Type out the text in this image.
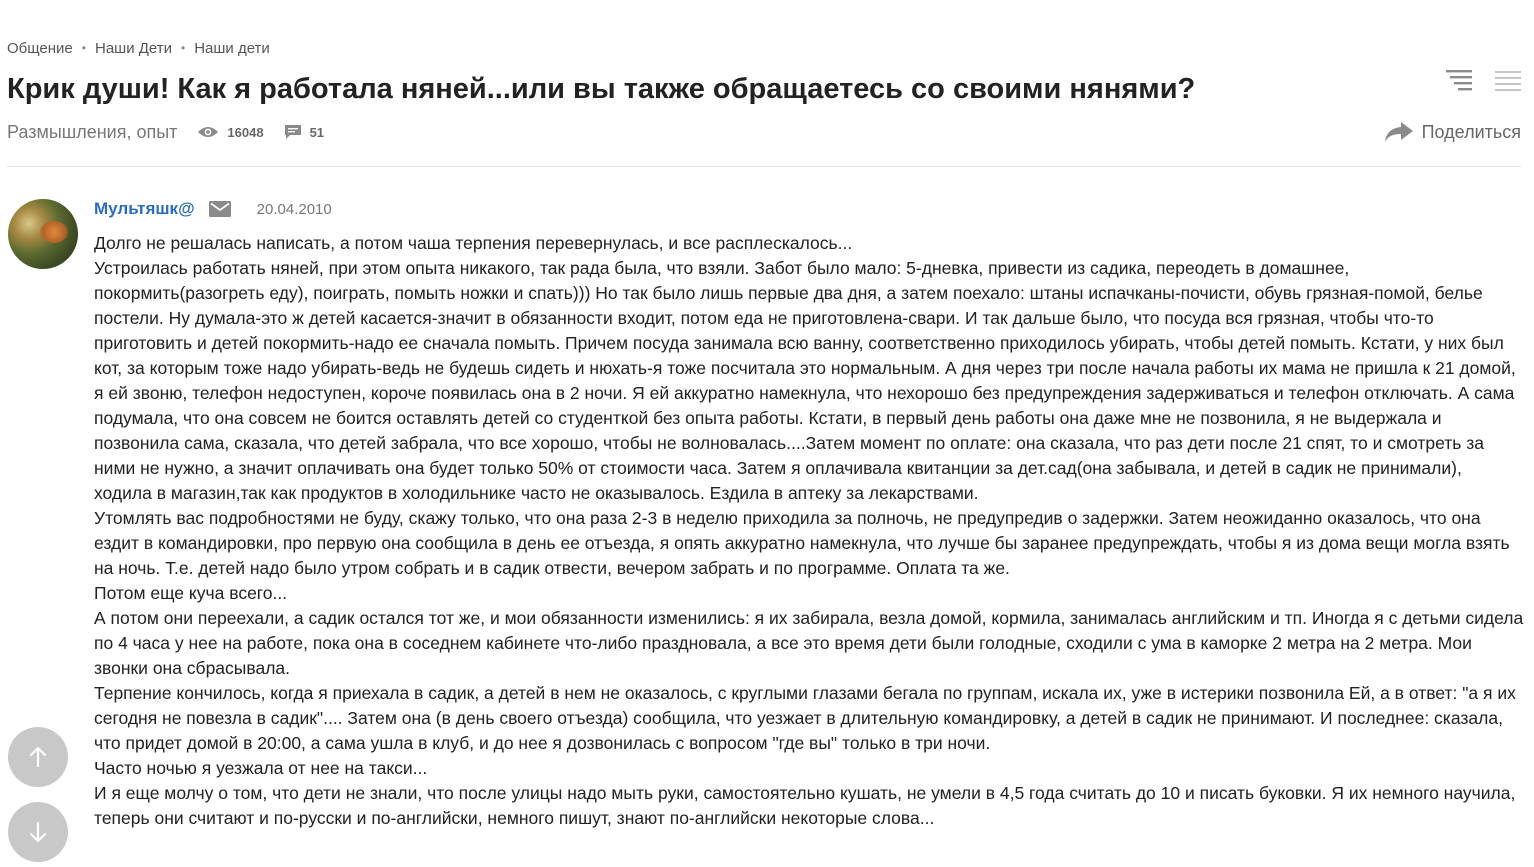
Общение • Наши Дети • Наши дети
Крик души! Как я работала няней...или вы также обращаетесь со своими нянями?
Размышления, опыт	16048	51	Поделиться
Мультяшк@	20.04.2010

Долго не решалась написать, а потом чаша терпения перевернулась, и все расплескалось...

Устроилась работать няней, при этом опыта никакого, так рада была, что взяли. Забот было мало: 5-дневка, привести из садика, переодеть в домашнее, покормить(разогреть еду), поиграть, помыть ножки и спать))) Но так было лишь первые два дня, а затем поехало: штаны испачканы-почисти, обувь грязная-помой, белье постели. Ну думала-это ж детей касается-значит в обязанности входит, потом еда не приготовлена-свари. И так дальше было, что посуда вся грязная, чтобы что-то приготовить и детей покормить-надо ее сначала помыть. Причем посуда занимала всю ванну, соответственно приходилось убирать, чтобы детей помыть. Кстати, у них был кот, за которым тоже надо убирать-ведь не будешь сидеть и нюхать-я тоже посчитала это нормальным. А дня через три после начала работы их мама не пришла к 21 домой, я ей звоню, телефон недоступен, короче появилась она в 2 ночи. Я ей аккуратно намекнула, что нехорошо без предупреждения задерживаться и телефон отключать. А сама подумала, что она совсем не боится оставлять детей со студенткой без опыта работы. Кстати, в первый день работы она даже мне не позвонила, я не выдержала и позвонила сама, сказала, что детей забрала, что все хорошо, чтобы не волновалась....Затем момент по оплате: она сказала, что раз дети после 21 спят, то и смотреть за ними не нужно, а значит оплачивать она будет только 50% от стоимости часа. Затем я оплачивала квитанции за дет.сад(она забывала, и детей в садик не принимали), ходила в магазин,так как продуктов в холодильнике часто не оказывалось. Ездила в аптеку за лекарствами.

Утомлять вас подробностями не буду, скажу только, что она раза 2-3 в неделю приходила за полночь, не предупредив о задержки. Затем неожиданно оказалось, что она ездит в командировки, про первую она сообщила в день ее отъезда, я опять аккуратно намекнула, что лучше бы заранее предупреждать, чтобы я из дома вещи могла взять на ночь. Т.е. детей надо было утром собрать и в садик отвести, вечером забрать и по программе. Оплата та же.

Потом еще куча всего...

А потом они переехали, а садик остался тот же, и мои обязанности изменились: я их забирала, везла домой, кормила, занималась английским и тп. Иногда я с детьми сидела по 4 часа у нее на работе, пока она в соседнем кабинете что-либо праздновала, а все это время дети были голодные, сходили с ума в каморке 2 метра на 2 метра. Мои звонки она сбрасывала.

Терпение кончилось, когда я приехала в садик, а детей в нем не оказалось, с круглыми глазами бегала по группам, искала их, уже в истерики позвонила Ей, а в ответ: "а я их сегодня не повезла в садик".... Затем она (в день своего отъезда) сообщила, что уезжает в длительную командировку, а детей в садик не принимают. И последнее: сказала, что придет домой в 20:00, а сама ушла в клуб, и до нее я дозвонилась с вопросом "где вы" только в три ночи.

Часто ночью я уезжала от нее на такси...

И я еще молчу о том, что дети не знали, что после улицы надо мыть руки, самостоятельно кушать, не умели в 4,5 года считать до 10 и писать буковки. Я их немного научила, теперь они считают и по-русски и по-английски, немного пишут, знают по-английски некоторые слова...
